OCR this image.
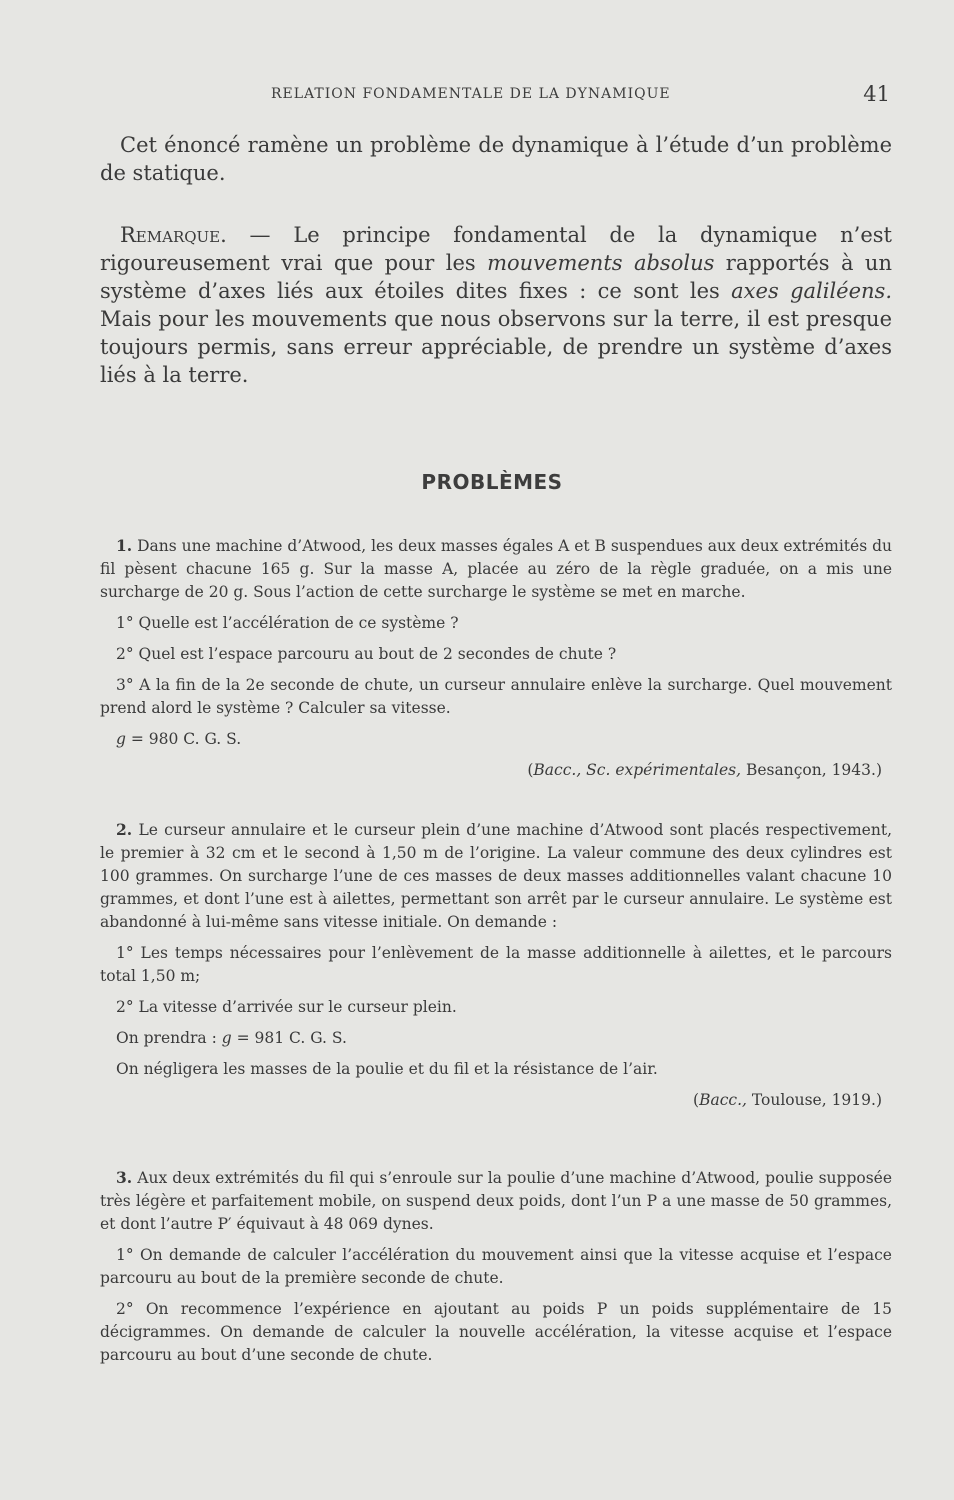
RELATION FONDAMENTALE DE LA DYNAMIQUE	41

Cet énoncé ramène un problème de dynamique à l’étude d’un problème de statique.

Remarque. — Le principe fondamental de la dynamique n’est rigoureusement vrai que pour les mouvements absolus rapportés à un système d’axes liés aux étoiles dites fixes : ce sont les axes galiléens. Mais pour les mouvements que nous observons sur la terre, il est presque toujours permis, sans erreur appréciable, de prendre un système d’axes liés à la terre.

PROBLÈMES

1. Dans une machine d’Atwood, les deux masses égales A et B suspendues aux deux extrémités du fil pèsent chacune 165 g. Sur la masse A, placée au zéro de la règle graduée, on a mis une surcharge de 20 g. Sous l’action de cette surcharge le système se met en marche.

1° Quelle est l’accélération de ce système ?

2° Quel est l’espace parcouru au bout de 2 secondes de chute ?

3° A la fin de la 2e seconde de chute, un curseur annulaire enlève la surcharge. Quel mouvement prend alord le système ? Calculer sa vitesse.

g = 980 C. G. S.

(Bacc., Sc. expérimentales, Besançon, 1943.)

2. Le curseur annulaire et le curseur plein d’une machine d’Atwood sont placés respectivement, le premier à 32 cm et le second à 1,50 m de l’origine. La valeur commune des deux cylindres est 100 grammes. On surcharge l’une de ces masses de deux masses additionnelles valant chacune 10 grammes, et dont l’une est à ailettes, permettant son arrêt par le curseur annulaire. Le système est abandonné à lui-même sans vitesse initiale. On demande :

1° Les temps nécessaires pour l’enlèvement de la masse additionnelle à ailettes, et le parcours total 1,50 m;

2° La vitesse d’arrivée sur le curseur plein.

On prendra : g = 981 C. G. S.

On négligera les masses de la poulie et du fil et la résistance de l’air.

(Bacc., Toulouse, 1919.)

3. Aux deux extrémités du fil qui s’enroule sur la poulie d’une machine d’Atwood, poulie supposée très légère et parfaitement mobile, on suspend deux poids, dont l’un P a une masse de 50 grammes, et dont l’autre P′ équivaut à 48 069 dynes.

1° On demande de calculer l’accélération du mouvement ainsi que la vitesse acquise et l’espace parcouru au bout de la première seconde de chute.

2° On recommence l’expérience en ajoutant au poids P un poids supplémentaire de 15 décigrammes. On demande de calculer la nouvelle accélération, la vitesse acquise et l’espace parcouru au bout d’une seconde de chute.
